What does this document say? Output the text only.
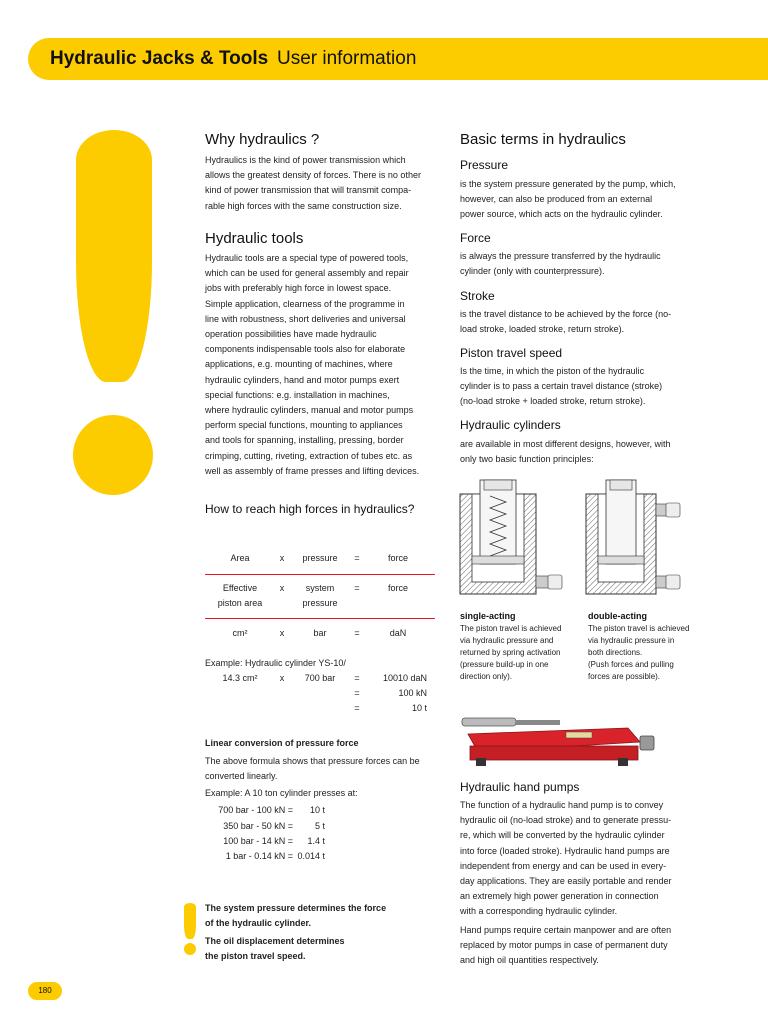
Hydraulic Jacks & Tools User information
Why hydraulics ?
Hydraulics is the kind of power transmission which
allows the greatest density of forces. There is no other
kind of power transmission that will transmit compa-
rable high forces with the same construction size.
Hydraulic tools
Hydraulic tools are a special type of powered tools,
which can be used for general assembly and repair
jobs with preferably high force in lowest space.
Simple application, clearness of the programme in
line with robustness, short deliveries and universal
operation possibilities have made hydraulic
components indispensable tools also for elaborate
applications, e.g. mounting of machines, where
hydraulic cylinders, hand and motor pumps exert
special functions: e.g. installation in machines,
where hydraulic cylinders, manual and motor pumps
perform special functions, mounting to appliances
and tools for spanning, installing, pressing, border
crimping, cutting, riveting, extraction of tubes etc. as
well as assembly of frame presses and lifting devices.
How to reach high forces in hydraulics?
Area	x	pressure	=	force
Effective	x	system	=	force
piston area	pressure
cm²	x	bar	=	daN
Example: Hydraulic cylinder YS-10/
14.3 cm²	x	700 bar	=	10010 daN
=	100 kN
=	10 t
Linear conversion of pressure force
The above formula shows that pressure forces can be
converted linearly.
Example: A 10 ton cylinder presses at:
700 bar - 100 kN =	10 t
350 bar - 50 kN =	5 t
100 bar - 14 kN =	1.4 t
1 bar - 0.14 kN = 0.014 t
The system pressure determines the force
of the hydraulic cylinder.
The oil displacement determines
the piston travel speed.
Basic terms in hydraulics
Pressure
is the system pressure generated by the pump, which,
however, can also be produced from an external
power source, which acts on the hydraulic cylinder.
Force
is always the pressure transferred by the hydraulic
cylinder (only with counterpressure).
Stroke
is the travel distance to be achieved by the force (no-
load stroke, loaded stroke, return stroke).
Piston travel speed
Is the time, in which the piston of the hydraulic
cylinder is to pass a certain travel distance (stroke)
(no-load stroke + loaded stroke, return stroke).
Hydraulic cylinders
are available in most different designs, however, with
only two basic function principles:
single-acting
The piston travel is achieved
via hydraulic pressure and
returned by spring activation
(pressure build-up in one
direction only).
double-acting
The piston travel is achieved
via hydraulic pressure in
both directions.
(Push forces and pulling
forces are possible).
Hydraulic hand pumps
The function of a hydraulic hand pump is to convey
hydraulic oil (no-load stroke) and to generate pressu-
re, which will be converted by the hydraulic cylinder
into force (loaded stroke). Hydraulic hand pumps are
independent from energy and can be used in every-
day applications. They are easily portable and render
an extremely high power generation in connection
with a corresponding hydraulic cylinder.
Hand pumps require certain manpower and are often
replaced by motor pumps in case of permanent duty
and high oil quantities respectively.
180
